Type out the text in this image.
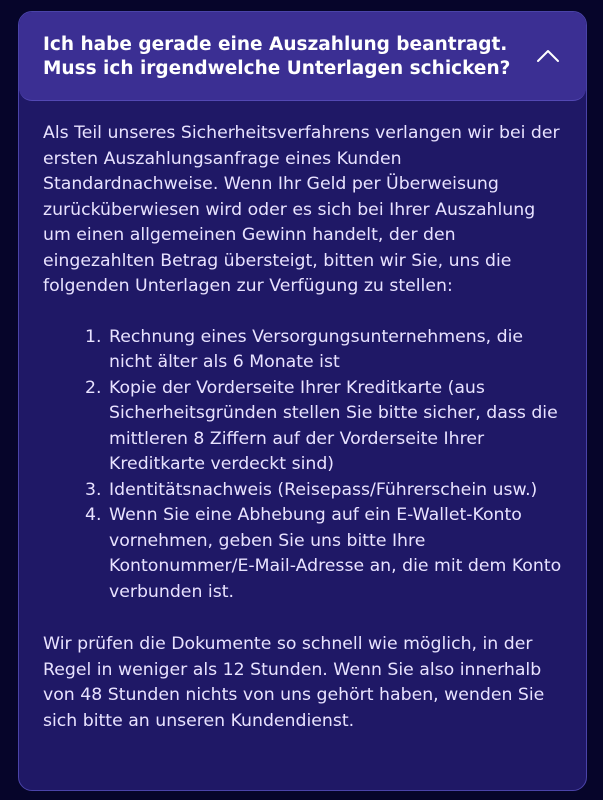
Ich habe gerade eine Auszahlung beantragt.
Muss ich irgendwelche Unterlagen schicken?

Als Teil unseres Sicherheitsverfahrens verlangen wir bei der ersten Auszahlungsanfrage eines Kunden Standardnachweise. Wenn Ihr Geld per Überweisung zurücküberwiesen wird oder es sich bei Ihrer Auszahlung um einen allgemeinen Gewinn handelt, der den eingezahlten Betrag übersteigt, bitten wir Sie, uns die folgenden Unterlagen zur Verfügung zu stellen:

1. Rechnung eines Versorgungsunternehmens, die nicht älter als 6 Monate ist
2. Kopie der Vorderseite Ihrer Kreditkarte (aus Sicherheitsgründen stellen Sie bitte sicher, dass die mittleren 8 Ziffern auf der Vorderseite Ihrer Kreditkarte verdeckt sind)
3. Identitätsnachweis (Reisepass/Führerschein usw.)
4. Wenn Sie eine Abhebung auf ein E-Wallet-Konto vornehmen, geben Sie uns bitte Ihre Kontonummer/E-Mail-Adresse an, die mit dem Konto verbunden ist.

Wir prüfen die Dokumente so schnell wie möglich, in der Regel in weniger als 12 Stunden. Wenn Sie also innerhalb von 48 Stunden nichts von uns gehört haben, wenden Sie sich bitte an unseren Kundendienst.
